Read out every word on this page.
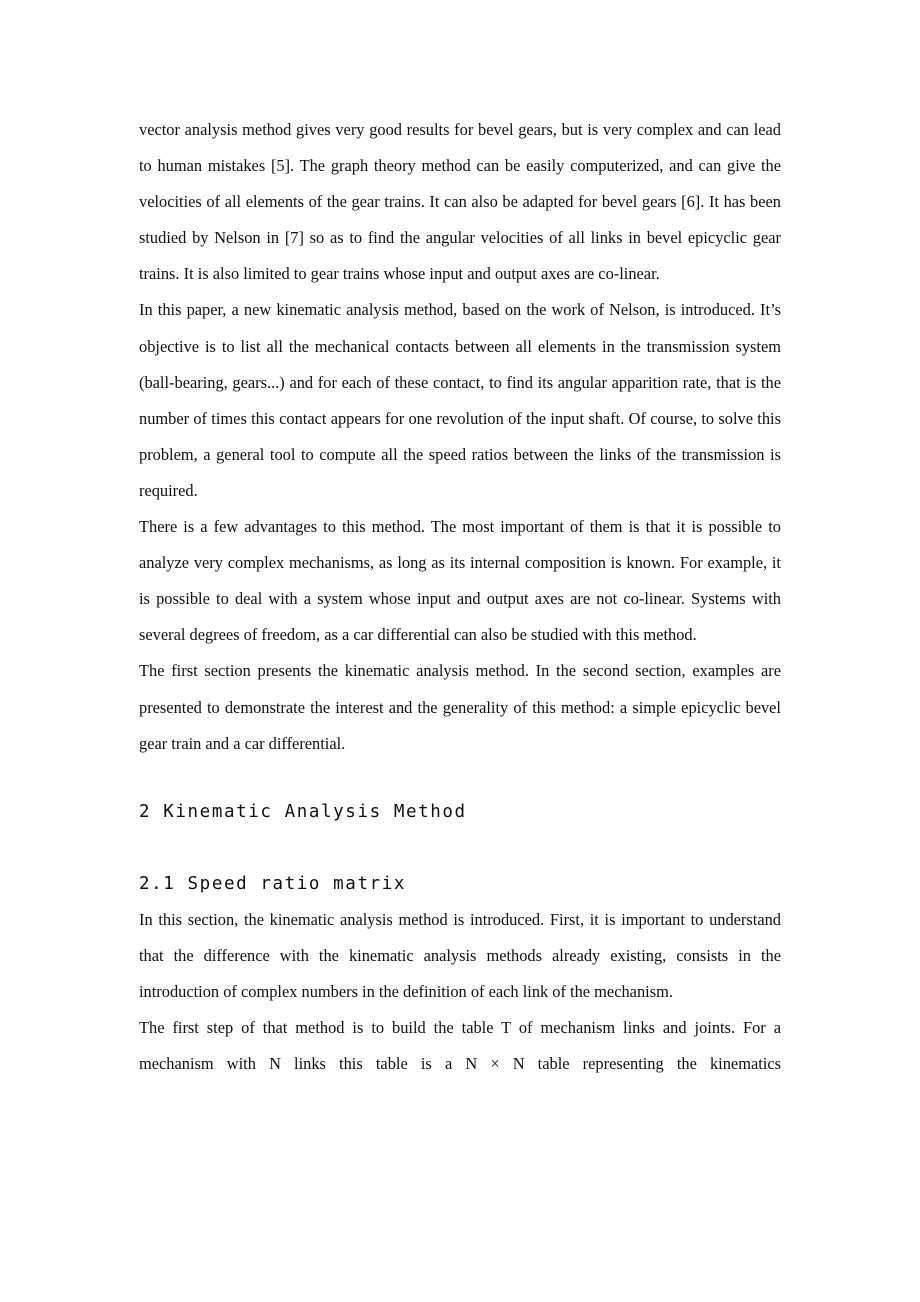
vector analysis method gives very good results for bevel gears, but is very complex and can lead to human mistakes [5]. The graph theory method can be easily computerized, and can give the velocities of all elements of the gear trains. It can also be adapted for bevel gears [6]. It has been studied by Nelson in [7] so as to find the angular velocities of all links in bevel epicyclic gear trains. It is also limited to gear trains whose input and output axes are co-linear.

In this paper, a new kinematic analysis method, based on the work of Nelson, is introduced. It’s objective is to list all the mechanical contacts between all elements in the transmission system (ball-bearing, gears...) and for each of these contact, to find its angular apparition rate, that is the number of times this contact appears for one revolution of the input shaft. Of course, to solve this problem, a general tool to compute all the speed ratios between the links of the transmission is required.

There is a few advantages to this method. The most important of them is that it is possible to analyze very complex mechanisms, as long as its internal composition is known. For example, it is possible to deal with a system whose input and output axes are not co-linear. Systems with several degrees of freedom, as a car differential can also be studied with this method.

The first section presents the kinematic analysis method. In the second section, examples are presented to demonstrate the interest and the generality of this method: a simple epicyclic bevel gear train and a car differential.

2 Kinematic Analysis Method
2.1 Speed ratio matrix

In this section, the kinematic analysis method is introduced. First, it is important to understand that the difference with the kinematic analysis methods already existing, consists in the introduction of complex numbers in the definition of each link of the mechanism.

The first step of that method is to build the table T of mechanism links and joints. For a mechanism with N links this table is a N × N table representing the kinematics
